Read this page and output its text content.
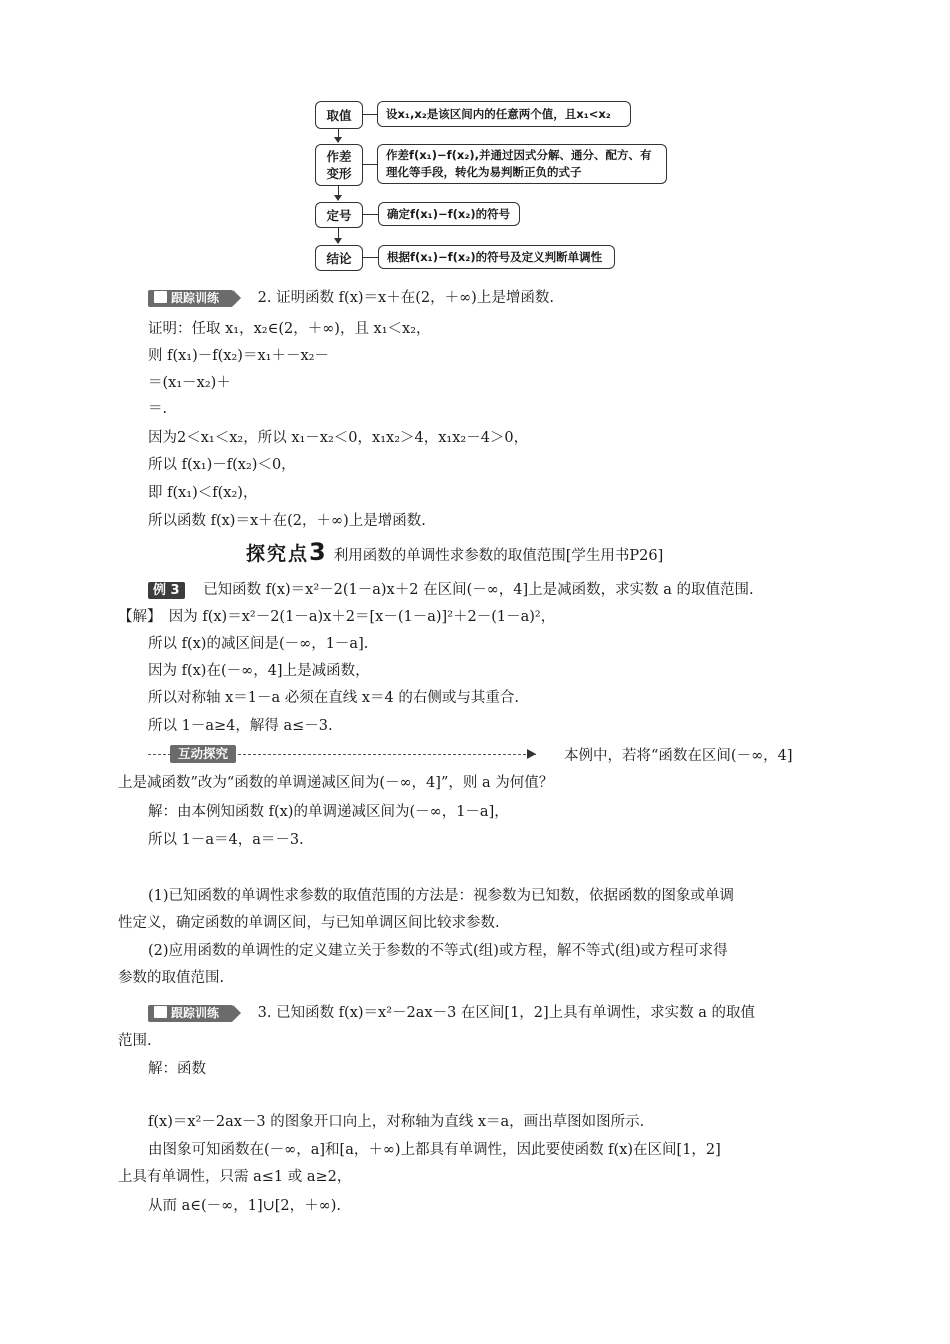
取值	设x₁,x₂是该区间内的任意两个值，且x₁<x₂
作差
变形
作差f(x₁)−f(x₂),并通过因式分解、通分、配方、有
理化等手段，转化为易判断正负的式子
定号	确定f(x₁)−f(x₂)的符号
结论	根据f(x₁)−f(x₂)的符号及定义判断单调性
跟踪训练	2. 证明函数 f(x)＝x＋在(2，＋∞)上是增函数.
证明：任取 x₁，x₂∈(2，＋∞)，且 x₁＜x₂，
则 f(x₁)－f(x₂)＝x₁＋－x₂－
＝(x₁－x₂)＋
＝.
因为2＜x₁＜x₂，所以 x₁－x₂＜0，x₁x₂＞4，x₁x₂－4＞0，
所以 f(x₁)－f(x₂)＜0，
即 f(x₁)＜f(x₂)，
所以函数 f(x)＝x＋在(2，＋∞)上是增函数.
探究点3 利用函数的单调性求参数的取值范围[学生用书P26]
例 3 已知函数 f(x)＝x²－2(1－a)x＋2 在区间(－∞，4]上是减函数，求实数 a 的取值范围.
【解】　因为 f(x)＝x²－2(1－a)x＋2＝[x－(1－a)]²＋2－(1－a)²，
所以 f(x)的减区间是(－∞，1－a].
因为 f(x)在(－∞，4]上是减函数，
所以对称轴 x＝1－a 必须在直线 x＝4 的右侧或与其重合.
所以 1－a≥4，解得 a≤－3.
互动探究	本例中，若将“函数在区间(－∞，4]
上是减函数”改为“函数的单调递减区间为(－∞，4]”，则 a 为何值？
解：由本例知函数 f(x)的单调递减区间为(－∞，1－a]，
所以 1－a＝4，a＝－3.
(1)已知函数的单调性求参数的取值范围的方法是：视参数为已知数，依据函数的图象或单调
性定义，确定函数的单调区间，与已知单调区间比较求参数.
(2)应用函数的单调性的定义建立关于参数的不等式(组)或方程，解不等式(组)或方程可求得
参数的取值范围.
跟踪训练	3. 已知函数 f(x)＝x²－2ax－3 在区间[1，2]上具有单调性，求实数 a 的取值
范围.
解：函数
f(x)＝x²－2ax－3 的图象开口向上，对称轴为直线 x＝a，画出草图如图所示.
由图象可知函数在(－∞，a]和[a，＋∞)上都具有单调性，因此要使函数 f(x)在区间[1，2]
上具有单调性，只需 a≤1 或 a≥2，
从而 a∈(－∞，1]∪[2，＋∞).
